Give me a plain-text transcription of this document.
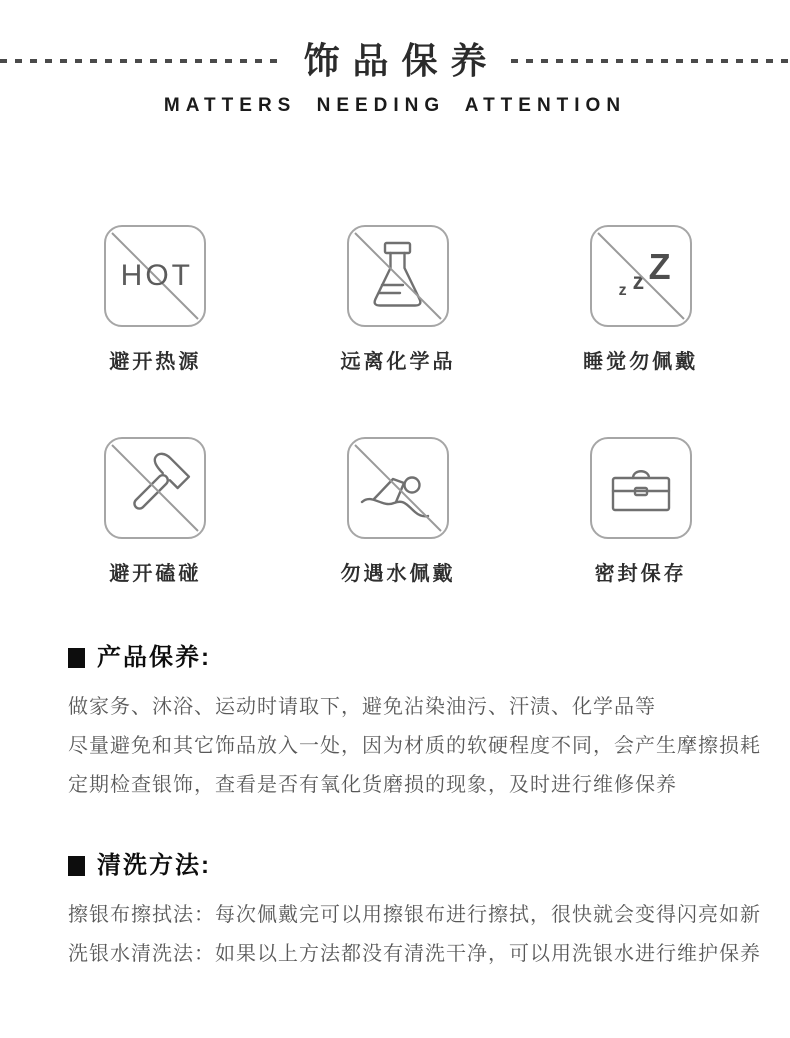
饰品保养
MATTERS NEEDING ATTENTION
HOT
避开热源	远离化学品
z z Z
睡觉勿佩戴
避开磕碰	勿遇水佩戴	密封保存
产品保养:

做家务、沐浴、运动时请取下，避免沾染油污、汗渍、化学品等

尽量避免和其它饰品放入一处，因为材质的软硬程度不同，会产生摩擦损耗

定期检查银饰，查看是否有氧化货磨损的现象，及时进行维修保养

清洗方法:

擦银布擦拭法：每次佩戴完可以用擦银布进行擦拭，很快就会变得闪亮如新

洗银水清洗法：如果以上方法都没有清洗干净，可以用洗银水进行维护保养
